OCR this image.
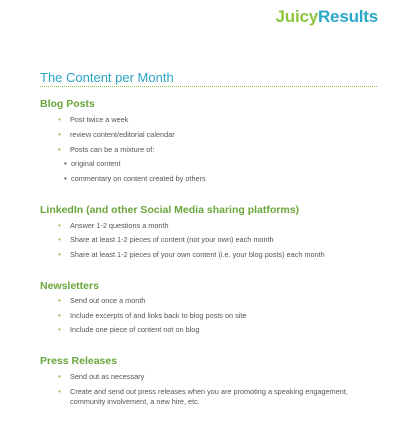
JuicyResults
The Content per Month
Blog Posts
• Post twice a week
• review content/editorial calendar
• Posts can be a mixture of:
• original content
• commentary on content created by others
LinkedIn (and other Social Media sharing platforms)
• Answer 1-2 questions a month
• Share at least 1-2 pieces of content (not your own) each month
• Share at least 1-2 pieces of your own content (i.e. your blog posts) each month
Newsletters
• Send out once a month
• Include excerpts of and links back to blog posts on site
• Include one piece of content not on blog
Press Releases
• Send out as necessary
• Create and send out press releases when you are promoting a speaking engagement, community involvement, a new hire, etc.
